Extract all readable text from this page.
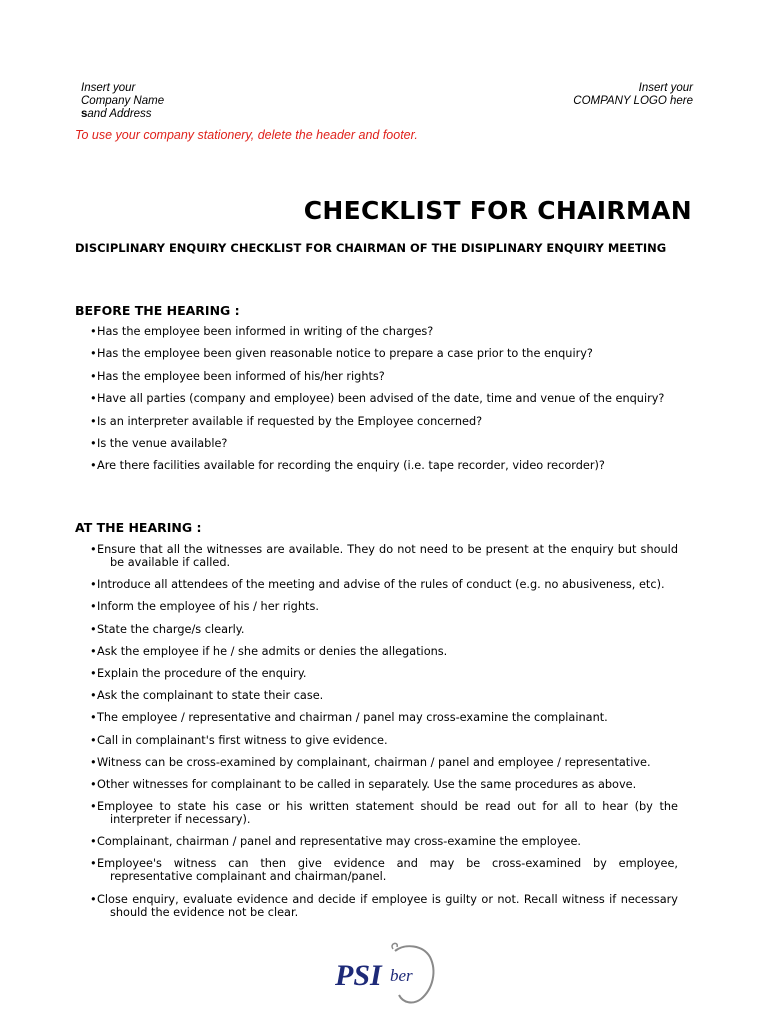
Insert your
Company Name
sand Address
Insert your
COMPANY LOGO here
To use your company stationery, delete the header and footer.
CHECKLIST FOR CHAIRMAN
DISCIPLINARY ENQUIRY CHECKLIST FOR CHAIRMAN OF THE DISIPLINARY ENQUIRY MEETING
BEFORE THE HEARING :
• Has the employee been informed in writing of the charges?
• Has the employee been given reasonable notice to prepare a case prior to the enquiry?
• Has the employee been informed of his/her rights?
• Have all parties (company and employee) been advised of the date, time and venue of the enquiry?
• Is an interpreter available if requested by the Employee concerned?
• Is the venue available?
• Are there facilities available for recording the enquiry (i.e. tape recorder, video recorder)?
AT THE HEARING :
• Ensure that all the witnesses are available. They do not need to be present at the enquiry but should
be available if called.
• Introduce all attendees of the meeting and advise of the rules of conduct (e.g. no abusiveness, etc).
• Inform the employee of his / her rights.
• State the charge/s clearly.
• Ask the employee if he / she admits or denies the allegations.
• Explain the procedure of the enquiry.
• Ask the complainant to state their case.
• The employee / representative and chairman / panel may cross-examine the complainant.
• Call in complainant's first witness to give evidence.
• Witness can be cross-examined by complainant, chairman / panel and employee / representative.
• Other witnesses for complainant to be called in separately. Use the same procedures as above.
• Employee to state his case or his written statement should be read out for all to hear (by the
interpreter if necessary).
• Complainant, chairman / panel and representative may cross-examine the employee.
• Employee's witness can then give evidence and may be cross-examined by employee,
representative complainant and chairman/panel.
• Close enquiry, evaluate evidence and decide if employee is guilty or not. Recall witness if necessary
should the evidence not be clear.
PSI ber
